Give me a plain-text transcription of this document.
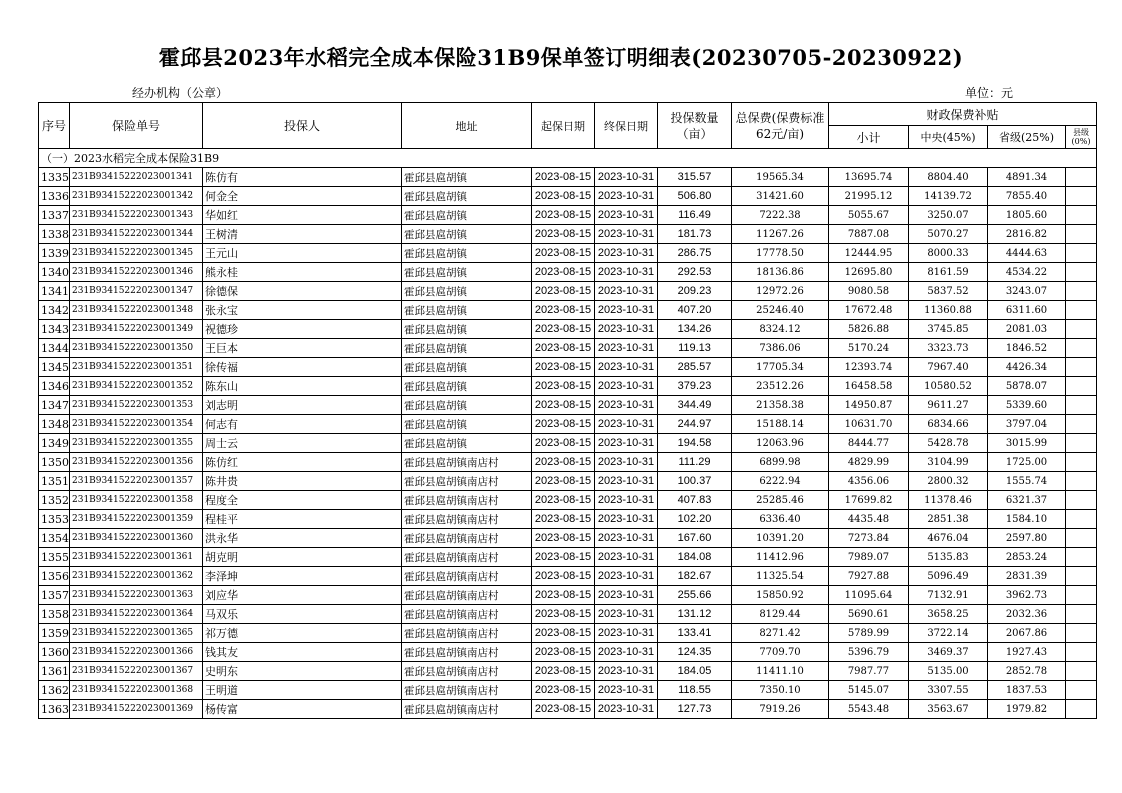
霍邱县2023年水稻完全成本保险31B9保单签订明细表(20230705-20230922)
经办机构（公章）	单位：元
序号	保险单号	投保人	地址	起保日期	终保日期	投保数量（亩）	总保费(保费标准62元/亩)	财政保费补贴			
								小计	中央(45%)	省级(25%)	县级(0%)
（一）2023水稻完全成本保险31B9											
1335	231B93415222023001341	陈仿有	霍邱县扈胡镇	2023-08-15	2023-10-31	315.57	19565.34	13695.74	8804.40	4891.34	
1336	231B93415222023001342	何金全	霍邱县扈胡镇	2023-08-15	2023-10-31	506.80	31421.60	21995.12	14139.72	7855.40	
1337	231B93415222023001343	华如红	霍邱县扈胡镇	2023-08-15	2023-10-31	116.49	7222.38	5055.67	3250.07	1805.60	
1338	231B93415222023001344	王树清	霍邱县扈胡镇	2023-08-15	2023-10-31	181.73	11267.26	7887.08	5070.27	2816.82	
1339	231B93415222023001345	王元山	霍邱县扈胡镇	2023-08-15	2023-10-31	286.75	17778.50	12444.95	8000.33	4444.63	
1340	231B93415222023001346	熊永桂	霍邱县扈胡镇	2023-08-15	2023-10-31	292.53	18136.86	12695.80	8161.59	4534.22	
1341	231B93415222023001347	徐德保	霍邱县扈胡镇	2023-08-15	2023-10-31	209.23	12972.26	9080.58	5837.52	3243.07	
1342	231B93415222023001348	张永宝	霍邱县扈胡镇	2023-08-15	2023-10-31	407.20	25246.40	17672.48	11360.88	6311.60	
1343	231B93415222023001349	祝德珍	霍邱县扈胡镇	2023-08-15	2023-10-31	134.26	8324.12	5826.88	3745.85	2081.03	
1344	231B93415222023001350	王巨本	霍邱县扈胡镇	2023-08-15	2023-10-31	119.13	7386.06	5170.24	3323.73	1846.52	
1345	231B93415222023001351	徐传福	霍邱县扈胡镇	2023-08-15	2023-10-31	285.57	17705.34	12393.74	7967.40	4426.34	
1346	231B93415222023001352	陈东山	霍邱县扈胡镇	2023-08-15	2023-10-31	379.23	23512.26	16458.58	10580.52	5878.07	
1347	231B93415222023001353	刘志明	霍邱县扈胡镇	2023-08-15	2023-10-31	344.49	21358.38	14950.87	9611.27	5339.60	
1348	231B93415222023001354	何志有	霍邱县扈胡镇	2023-08-15	2023-10-31	244.97	15188.14	10631.70	6834.66	3797.04	
1349	231B93415222023001355	周士云	霍邱县扈胡镇	2023-08-15	2023-10-31	194.58	12063.96	8444.77	5428.78	3015.99	
1350	231B93415222023001356	陈仿红	霍邱县扈胡镇南店村	2023-08-15	2023-10-31	111.29	6899.98	4829.99	3104.99	1725.00	
1351	231B93415222023001357	陈井贵	霍邱县扈胡镇南店村	2023-08-15	2023-10-31	100.37	6222.94	4356.06	2800.32	1555.74	
1352	231B93415222023001358	程度全	霍邱县扈胡镇南店村	2023-08-15	2023-10-31	407.83	25285.46	17699.82	11378.46	6321.37	
1353	231B93415222023001359	程桂平	霍邱县扈胡镇南店村	2023-08-15	2023-10-31	102.20	6336.40	4435.48	2851.38	1584.10	
1354	231B93415222023001360	洪永华	霍邱县扈胡镇南店村	2023-08-15	2023-10-31	167.60	10391.20	7273.84	4676.04	2597.80	
1355	231B93415222023001361	胡克明	霍邱县扈胡镇南店村	2023-08-15	2023-10-31	184.08	11412.96	7989.07	5135.83	2853.24	
1356	231B93415222023001362	李泽坤	霍邱县扈胡镇南店村	2023-08-15	2023-10-31	182.67	11325.54	7927.88	5096.49	2831.39	
1357	231B93415222023001363	刘应华	霍邱县扈胡镇南店村	2023-08-15	2023-10-31	255.66	15850.92	11095.64	7132.91	3962.73	
1358	231B93415222023001364	马双乐	霍邱县扈胡镇南店村	2023-08-15	2023-10-31	131.12	8129.44	5690.61	3658.25	2032.36	
1359	231B93415222023001365	祁万德	霍邱县扈胡镇南店村	2023-08-15	2023-10-31	133.41	8271.42	5789.99	3722.14	2067.86	
1360	231B93415222023001366	钱其友	霍邱县扈胡镇南店村	2023-08-15	2023-10-31	124.35	7709.70	5396.79	3469.37	1927.43	
1361	231B93415222023001367	史明东	霍邱县扈胡镇南店村	2023-08-15	2023-10-31	184.05	11411.10	7987.77	5135.00	2852.78	
1362	231B93415222023001368	王明道	霍邱县扈胡镇南店村	2023-08-15	2023-10-31	118.55	7350.10	5145.07	3307.55	1837.53	
1363	231B93415222023001369	杨传富	霍邱县扈胡镇南店村	2023-08-15	2023-10-31	127.73	7919.26	5543.48	3563.67	1979.82	
